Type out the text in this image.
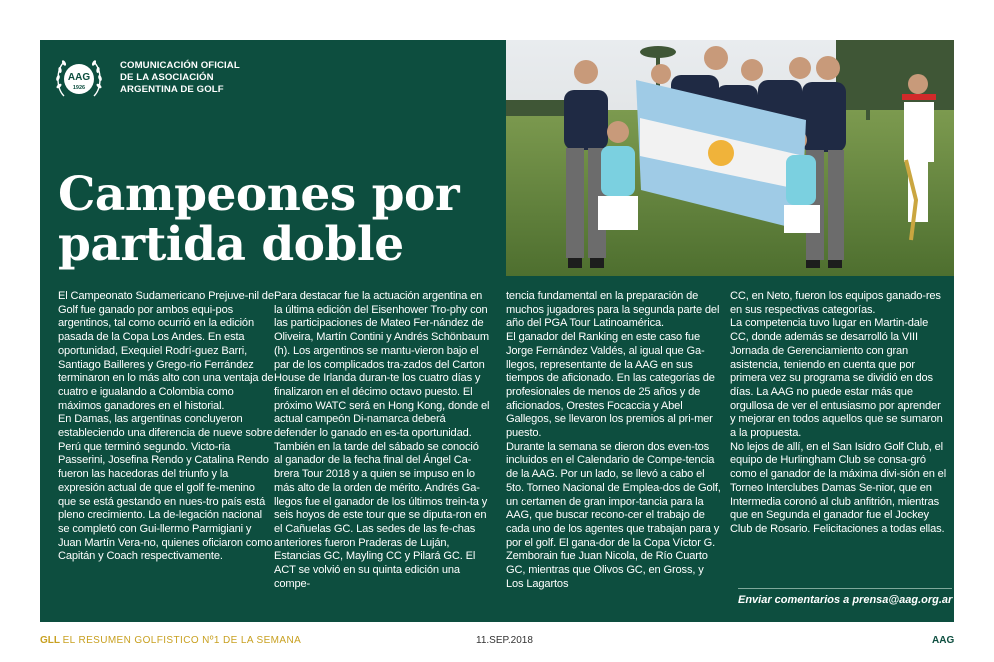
AAG
1926
COMUNICACIÓN OFICIAL
DE LA ASOCIACIÓN
ARGENTINA DE GOLF
Campeones por
partida doble

El Campeonato Sudamericano Prejuve-nil de Golf fue ganado por ambos equi-pos argentinos, tal como ocurrió en la edición pasada de la Copa Los Andes. En esta oportunidad, Exequiel Rodrí-guez Barri, Santiago Bailleres y Grego-rio Ferrández terminaron en lo más alto con una ventaja de cuatro e igualando a Colombia como máximos ganadores en el historial.

En Damas, las argentinas concluyeron estableciendo una diferencia de nueve sobre Perú que terminó segundo. Victo-ria Passerini, Josefina Rendo y Catalina Rendo fueron las hacedoras del triunfo y la expresión actual de que el golf fe-menino que se está gestando en nues-tro país está pleno crecimiento. La de-legación nacional se completó con Gui-llermo Parmigiani y Juan Martín Vera-no, quienes oficiaron como Capitán y Coach respectivamente.

Para destacar fue la actuación argentina en la última edición del Eisenhower Tro-phy con las participaciones de Mateo Fer-nández de Oliveira, Martín Contini y Andrés Schönbaum (h). Los argentinos se mantu-vieron bajo el par de los complicados tra-zados del Carton House de Irlanda duran-te los cuatro días y finalizaron en el décimo octavo puesto. El próximo WATC será en Hong Kong, donde el actual campeón Di-namarca deberá defender lo ganado en es-ta oportunidad.

También en la tarde del sábado se conoció al ganador de la fecha final del Ángel Ca-brera Tour 2018 y a quien se impuso en lo más alto de la orden de mérito. Andrés Ga-llegos fue el ganador de los últimos trein-ta y seis hoyos de este tour que se diputa-ron en el Cañuelas GC. Las sedes de las fe-chas anteriores fueron Praderas de Luján, Estancias GC, Mayling CC y Pilará GC. El ACT se volvió en su quinta edición una compe-

tencia fundamental en la preparación de muchos jugadores para la segunda parte del año del PGA Tour Latinoamérica.

El ganador del Ranking en este caso fue Jorge Fernández Valdés, al igual que Ga-llegos, representante de la AAG en sus tiempos de aficionado. En las categorías de profesionales de menos de 25 años y de aficionados, Orestes Focaccia y Abel Gallegos, se llevaron los premios al pri-mer puesto.

Durante la semana se dieron dos even-tos incluidos en el Calendario de Compe-tencia de la AAG. Por un lado, se llevó a cabo el 5to. Torneo Nacional de Emplea-dos de Golf, un certamen de gran impor-tancia para la AAG, que buscar recono-cer el trabajo de cada uno de los agentes que trabajan para y por el golf. El gana-dor de la Copa Víctor G. Zemborain fue Juan Nicola, de Río Cuarto GC, mientras que Olivos GC, en Gross, y Los Lagartos

CC, en Neto, fueron los equipos ganado-res en sus respectivas categorías.

La competencia tuvo lugar en Martin-dale CC, donde además se desarrolló la VIII Jornada de Gerenciamiento con gran asistencia, teniendo en cuenta que por primera vez su programa se dividió en dos días. La AAG no puede estar más que orgullosa de ver el entusiasmo por aprender y mejorar en todos aquellos que se sumaron a la propuesta.

No lejos de allí, en el San Isidro Golf Club, el equipo de Hurlingham Club se consa-gró como el ganador de la máxima divi-sión en el Torneo Interclubes Damas Se-nior, que en Intermedia coronó al club anfitrión, mientras que en Segunda el ganador fue el Jockey Club de Rosario. Felicitaciones a todas ellas.

Enviar comentarios a prensa@aag.org.ar
GLL EL RESUMEN GOLFISTICO Nº1 DE LA SEMANA	11.SEP.2018	AAG
